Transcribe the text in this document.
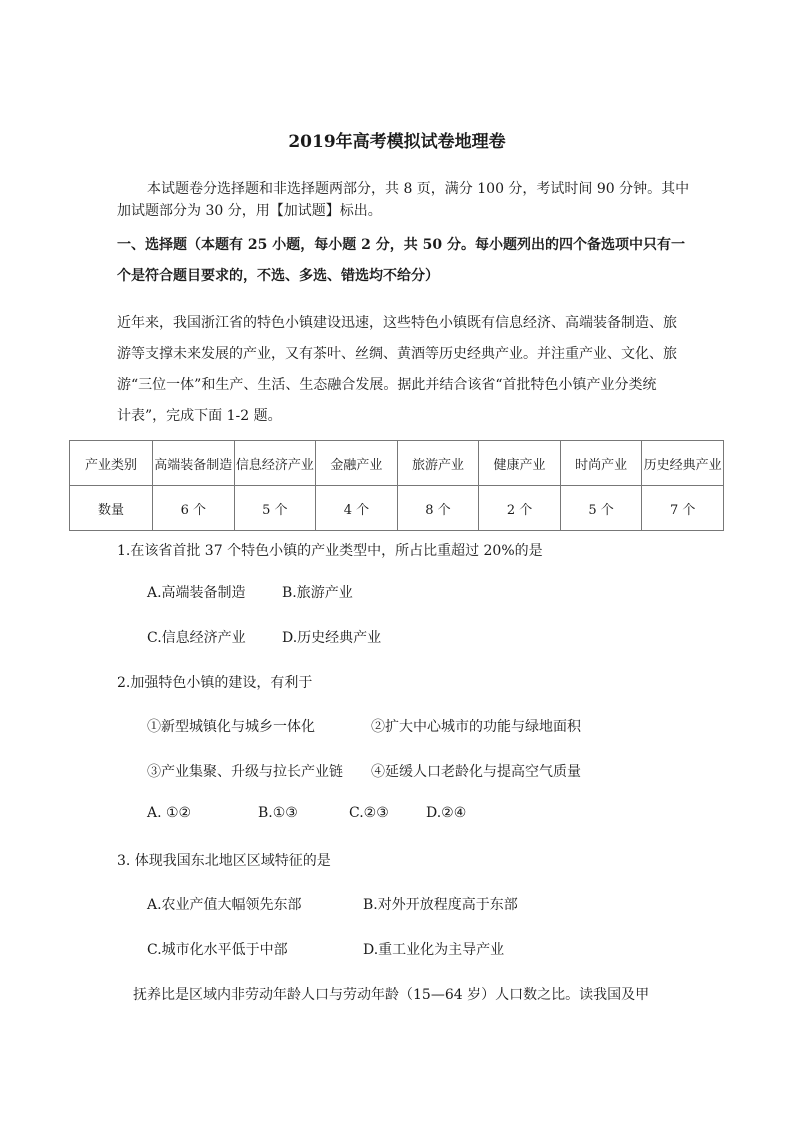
2019年高考模拟试卷地理卷
本试题卷分选择题和非选择题两部分，共 8 页，满分 100 分，考试时间 90 分钟。其中
加试题部分为 30 分，用【加试题】标出。
一、选择题（本题有 25 小题，每小题 2 分，共 50 分。每小题列出的四个备选项中只有一
个是符合题目要求的，不选、多选、错选均不给分）
近年来，我国浙江省的特色小镇建设迅速，这些特色小镇既有信息经济、高端装备制造、旅
游等支撑未来发展的产业，又有茶叶、丝绸、黄酒等历史经典产业。并注重产业、文化、旅
游“三位一体”和生产、生活、生态融合发展。据此并结合该省“首批特色小镇产业分类统
计表”，完成下面 1-2 题。
产业类别	高端装备制造	信息经济产业	金融产业	旅游产业	健康产业	时尚产业	历史经典产业
数量	6 个	5 个	4 个	8 个	2 个	5 个	7 个
1.在该省首批 37 个特色小镇的产业类型中，所占比重超过 20%的是
A.高端装备制造	B.旅游产业
C.信息经济产业	D.历史经典产业
2.加强特色小镇的建设，有利于
①新型城镇化与城乡一体化	②扩大中心城市的功能与绿地面积
③产业集聚、升级与拉长产业链 ④延缓人口老龄化与提高空气质量
A. ①②	B.①③	C.②③	D.②④
3. 体现我国东北地区区域特征的是
A.农业产值大幅领先东部	B.对外开放程度高于东部
C.城市化水平低于中部	D.重工业化为主导产业
抚养比是区域内非劳动年龄人口与劳动年龄（15—64 岁）人口数之比。读我国及甲
